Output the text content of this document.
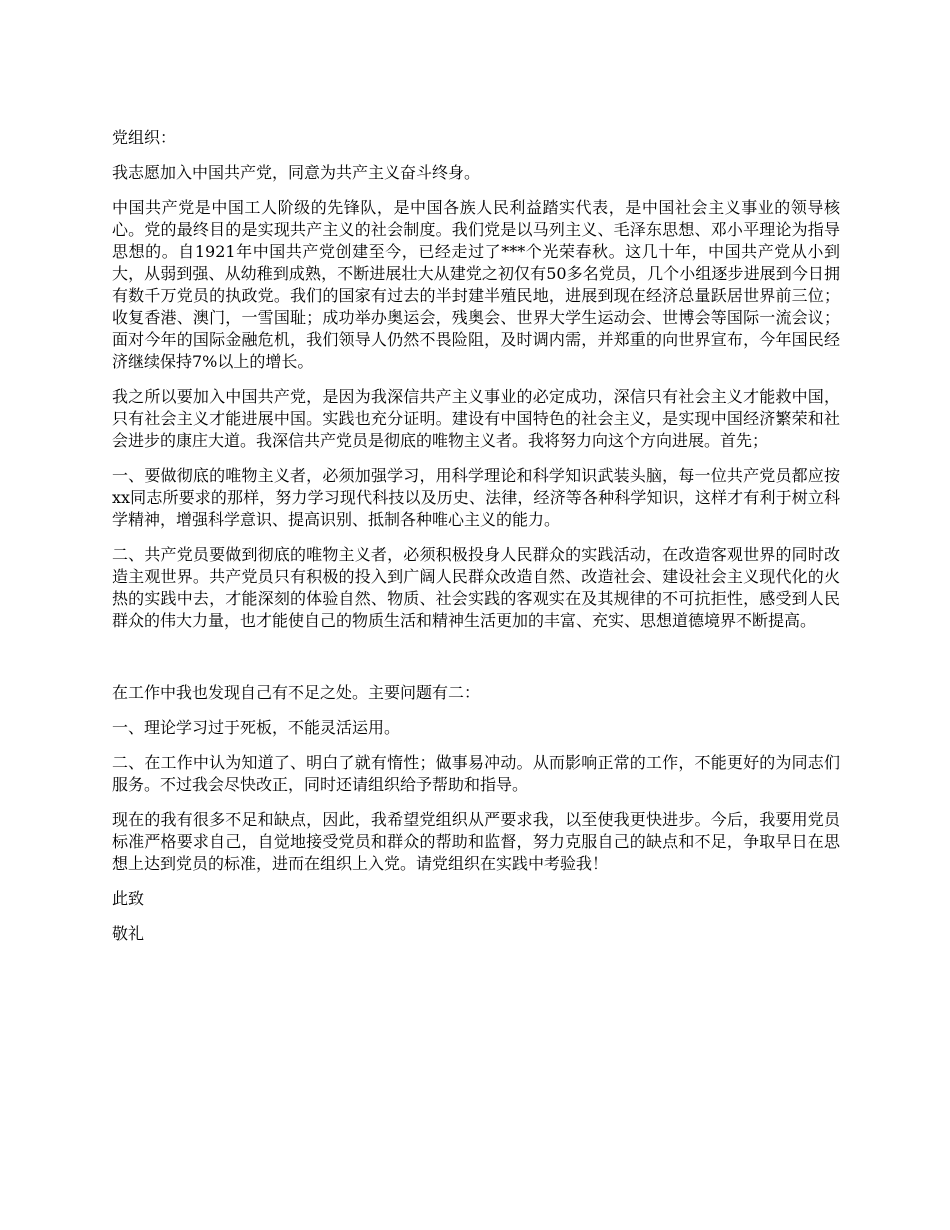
党组织：

我志愿加入中国共产党，同意为共产主义奋斗终身。

中国共产党是中国工人阶级的先锋队，是中国各族人民利益踏实代表，是中国社会主义事业的领导核心。党的最终目的是实现共产主义的社会制度。我们党是以马列主义、毛泽东思想、邓小平理论为指导思想的。自1921年中国共产党创建至今，已经走过了***个光荣春秋。这几十年，中国共产党从小到大，从弱到强、从幼稚到成熟，不断进展壮大从建党之初仅有50多名党员，几个小组逐步进展到今日拥有数千万党员的执政党。我们的国家有过去的半封建半殖民地，进展到现在经济总量跃居世界前三位；收复香港、澳门，一雪国耻；成功举办奥运会，残奥会、世界大学生运动会、世博会等国际一流会议；面对今年的国际金融危机，我们领导人仍然不畏险阻，及时调内需，并郑重的向世界宣布，今年国民经济继续保持7%以上的增长。

我之所以要加入中国共产党，是因为我深信共产主义事业的必定成功，深信只有社会主义才能救中国，只有社会主义才能进展中国。实践也充分证明。建设有中国特色的社会主义，是实现中国经济繁荣和社会进步的康庄大道。我深信共产党员是彻底的唯物主义者。我将努力向这个方向进展。首先；

一、要做彻底的唯物主义者，必须加强学习，用科学理论和科学知识武装头脑，每一位共产党员都应按xx同志所要求的那样，努力学习现代科技以及历史、法律，经济等各种科学知识，这样才有利于树立科学精神，增强科学意识、提高识别、抵制各种唯心主义的能力。

二、共产党员要做到彻底的唯物主义者，必须积极投身人民群众的实践活动，在改造客观世界的同时改造主观世界。共产党员只有积极的投入到广阔人民群众改造自然、改造社会、建设社会主义现代化的火热的实践中去，才能深刻的体验自然、物质、社会实践的客观实在及其规律的不可抗拒性，感受到人民群众的伟大力量，也才能使自己的物质生活和精神生活更加的丰富、充实、思想道德境界不断提高。

在工作中我也发现自己有不足之处。主要问题有二：

一、理论学习过于死板，不能灵活运用。

二、在工作中认为知道了、明白了就有惰性；做事易冲动。从而影响正常的工作，不能更好的为同志们服务。不过我会尽快改正，同时还请组织给予帮助和指导。

现在的我有很多不足和缺点，因此，我希望党组织从严要求我，以至使我更快进步。今后，我要用党员标准严格要求自己，自觉地接受党员和群众的帮助和监督，努力克服自己的缺点和不足，争取早日在思想上达到党员的标准，进而在组织上入党。请党组织在实践中考验我！

此致

敬礼
